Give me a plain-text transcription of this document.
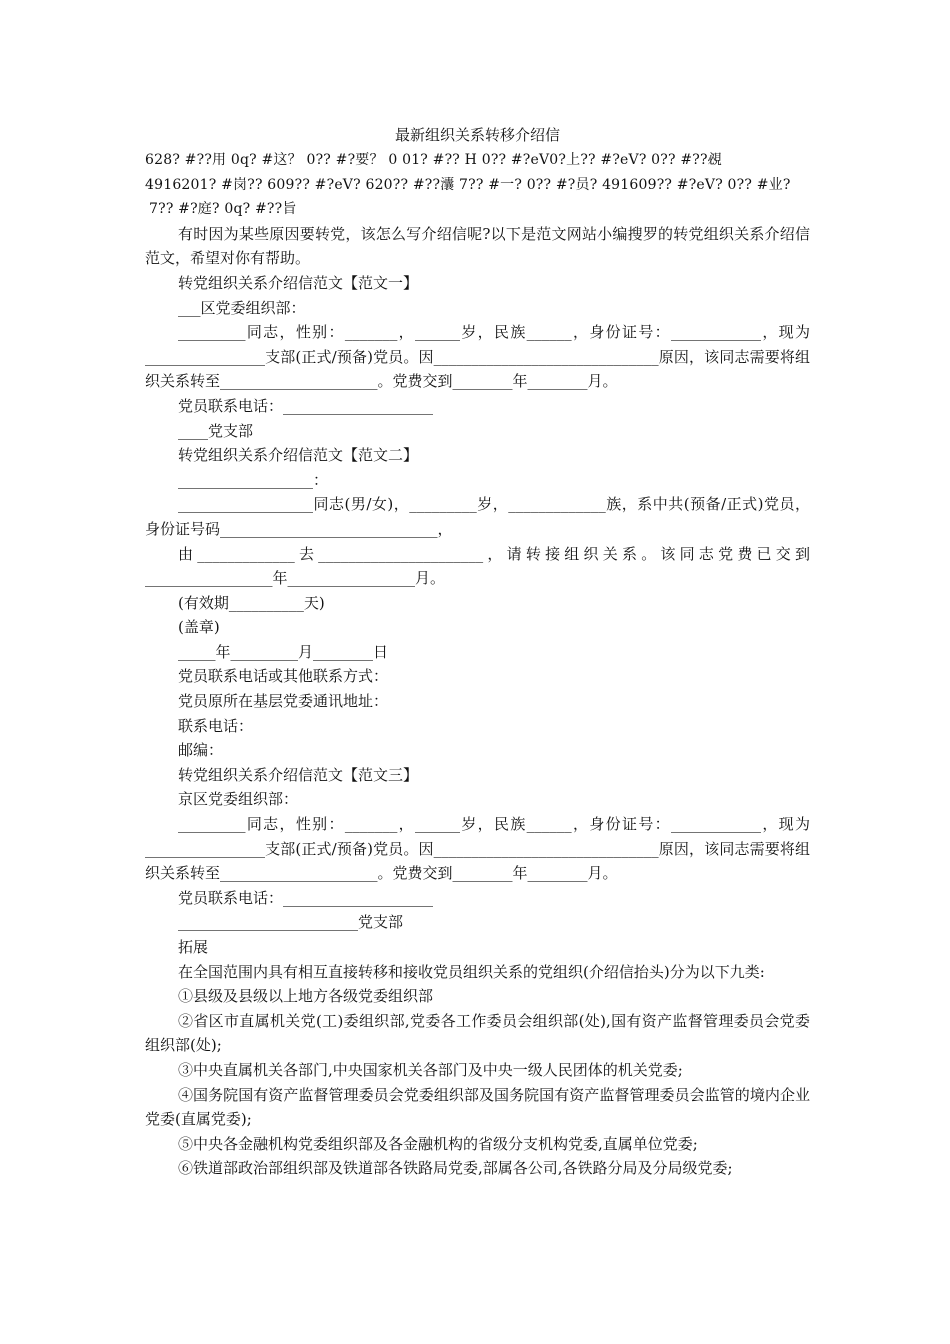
最新组织关系转移介绍信

628? #??用 0q? #这？ 0?? #?要？ 0 01? #?? H 0?? #?eV0?上?? #?eV? 0?? #??覕

4916201? #岗?? 609?? #?eV? 620?? #??灢 7?? #一? 0?? #?员? 491609?? #?eV? 0?? #业?

7?? #?庭? 0q? #??旨

有时因为某些原因要转党，该怎么写介绍信呢?以下是范文网站小编搜罗的转党组织关系介绍信范文，希望对你有帮助。

转党组织关系介绍信范文【范文一】

___区党委组织部：

_________同志，性别：_______，______岁，民族______，身份证号：____________，现为 ________________支部(正式/预备)党员。因______________________________原因，该同志需要将组织关系转至_____________________。党费交到________年________月。

党员联系电话：____________________

____党支部

转党组织关系介绍信范文【范文二】

__________________：

__________________同志(男/女)，_________岁，_____________族，系中共(预备/正式)党员，身份证号码_____________________________，

由_____________去______________________，请转接组织关系。该同志党费已交到_________________年_________________月。

(有效期__________天)

(盖章)

_____年_________月________日

党员联系电话或其他联系方式：

党员原所在基层党委通讯地址：

联系电话：

邮编：

转党组织关系介绍信范文【范文三】

京区党委组织部：

_________同志，性别：_______，______岁，民族______，身份证号：____________，现为________________支部(正式/预备)党员。因______________________________原因，该同志需要将组织关系转至_____________________。党费交到________年________月。

党员联系电话：____________________

________________________党支部

拓展

在全国范围内具有相互直接转移和接收党员组织关系的党组织(介绍信抬头)分为以下九类:

①县级及县级以上地方各级党委组织部

②省区市直属机关党(工)委组织部,党委各工作委员会组织部(处),国有资产监督管理委员会党委组织部(处);

③中央直属机关各部门,中央国家机关各部门及中央一级人民团体的机关党委;

④国务院国有资产监督管理委员会党委组织部及国务院国有资产监督管理委员会监管的境内企业党委(直属党委);

⑤中央各金融机构党委组织部及各金融机构的省级分支机构党委,直属单位党委;

⑥铁道部政治部组织部及铁道部各铁路局党委,部属各公司,各铁路分局及分局级党委;
